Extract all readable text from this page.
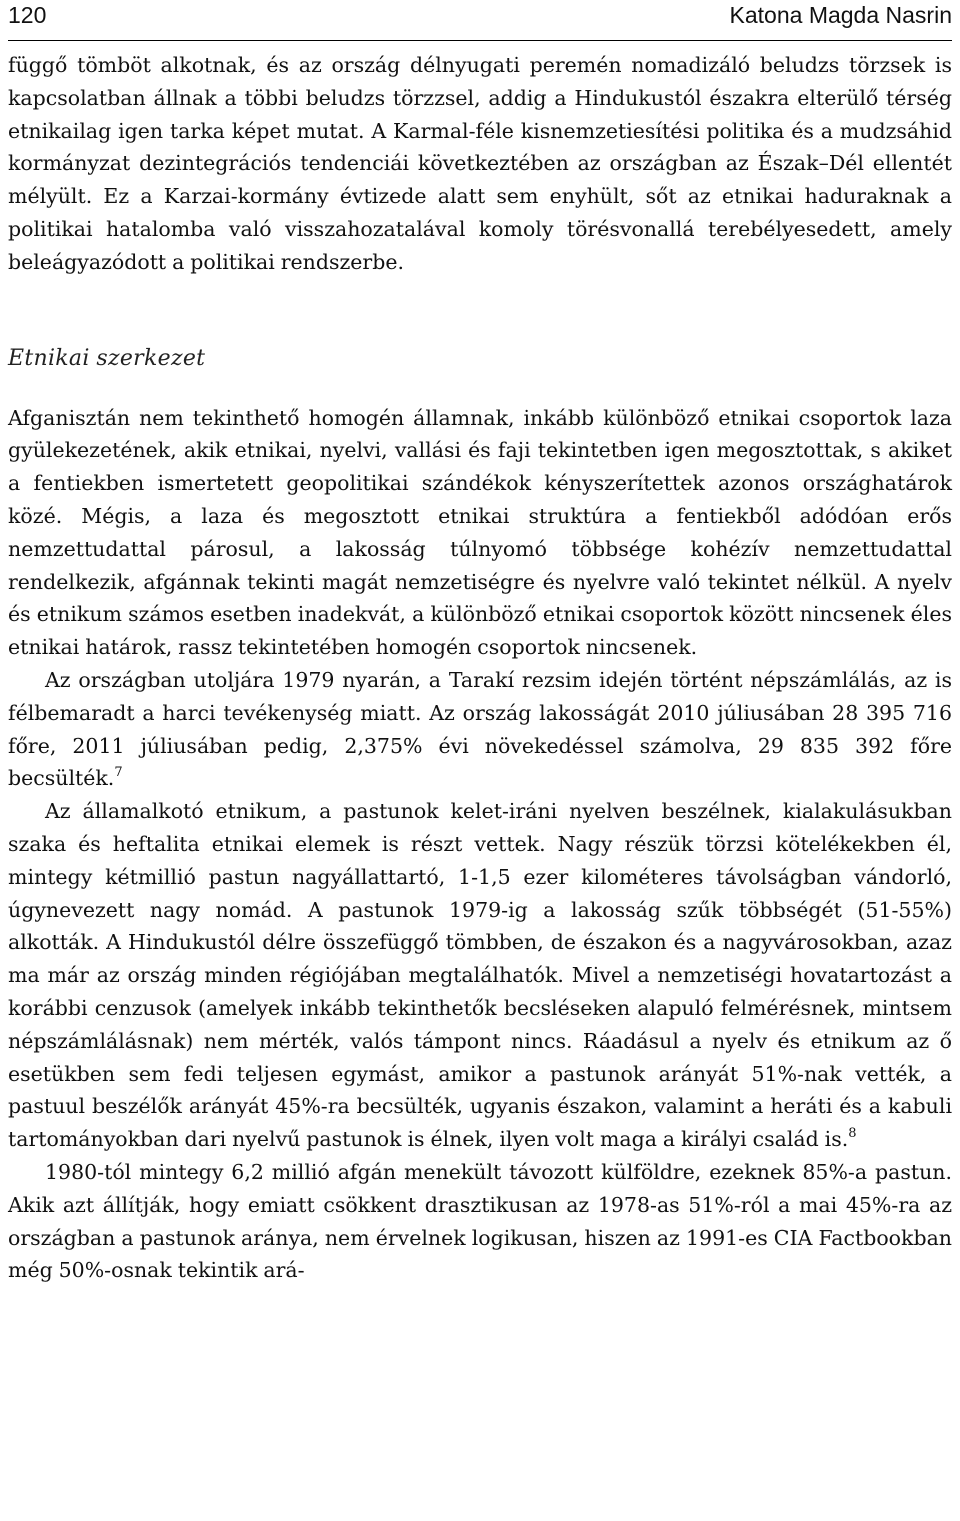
120	Katona Magda Nasrin

függő tömböt alkotnak, és az ország délnyugati peremén nomadizáló beludzs törzsek is kapcsolatban állnak a többi beludzs törzzsel, addig a Hindukustól északra elterülő térség etnikailag igen tarka képet mutat. A Karmal-féle kisnemzetiesítési politika és a mudzsáhid kormányzat dezintegrációs tendenciái következtében az országban az Észak–Dél ellentét mélyült. Ez a Karzai-kormány évtizede alatt sem enyhült, sőt az etnikai haduraknak a politikai hatalomba való visszahozatalával komoly törésvonallá terebélyesedett, amely beleágyazódott a politikai rendszerbe.

Etnikai szerkezet

Afganisztán nem tekinthető homogén államnak, inkább különböző etnikai csoportok laza gyülekezetének, akik etnikai, nyelvi, vallási és faji tekintetben igen megosztottak, s akiket a fentiekben ismertetett geopolitikai szándékok kényszerítettek azonos országhatárok közé. Mégis, a laza és megosztott etnikai struktúra a fentiekből adódóan erős nemzettudattal párosul, a lakosság túlnyomó többsége kohézív nemzettudattal rendelkezik, afgánnak tekinti magát nemzetiségre és nyelvre való tekintet nélkül. A nyelv és etnikum számos esetben inadekvát, a különböző etnikai csoportok között nincsenek éles etnikai határok, rassz tekintetében homogén csoportok nincsenek.

Az országban utoljára 1979 nyarán, a Tarakí rezsim idején történt népszámlálás, az is félbemaradt a harci tevékenység miatt. Az ország lakosságát 2010 júliusában 28 395 716 főre, 2011 júliusában pedig, 2,375% évi növekedéssel számolva, 29 835 392 főre becsülték.$^7$

Az államalkotó etnikum, a pastunok kelet-iráni nyelven beszélnek, kialakulásukban szaka és heftalita etnikai elemek is részt vettek. Nagy részük törzsi kötelékekben él, mintegy kétmillió pastun nagyállattartó, 1-1,5 ezer kilométeres távolságban vándorló, úgynevezett nagy nomád. A pastunok 1979-ig a lakosság szűk többségét (51-55%) alkották. A Hindukustól délre összefüggő tömbben, de északon és a nagyvárosokban, azaz ma már az ország minden régiójában megtalálhatók. Mivel a nemzetiségi hovatartozást a korábbi cenzusok (amelyek inkább tekinthetők becsléseken alapuló felmérésnek, mintsem népszámlálásnak) nem mérték, valós támpont nincs. Ráadásul a nyelv és etnikum az ő esetükben sem fedi teljesen egymást, amikor a pastunok arányát 51%-nak vették, a pastuul beszélők arányát 45%-ra becsülték, ugyanis északon, valamint a heráti és a kabuli tartományokban dari nyelvű pastunok is élnek, ilyen volt maga a királyi család is.$^8$

1980-tól mintegy 6,2 millió afgán menekült távozott külföldre, ezeknek 85%-a pastun. Akik azt állítják, hogy emiatt csökkent drasztikusan az 1978-as 51%-ról a mai 45%-ra az országban a pastunok aránya, nem érvelnek logikusan, hiszen az 1991-es CIA Factbookban még 50%-osnak tekintik ará-
